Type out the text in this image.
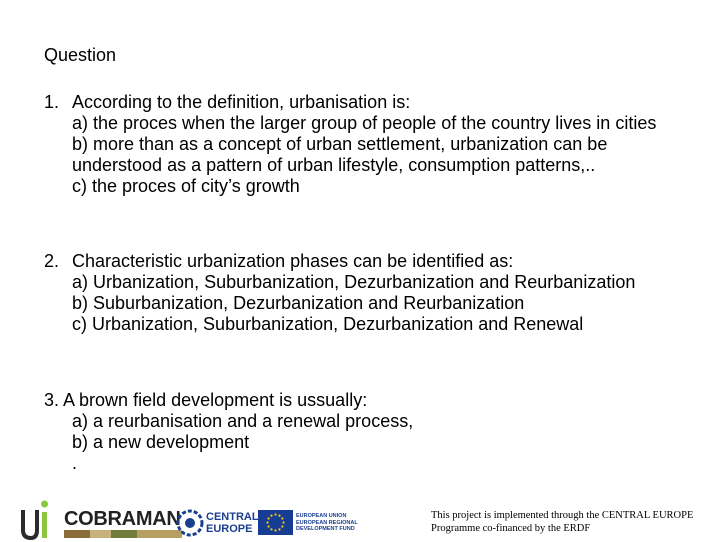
Question
1. According to the definition, urbanisation is:
a) the proces when the larger group of people of the country lives in cities
b) more than as a concept of urban settlement, urbanization can be understood as a pattern of urban lifestyle, consumption patterns,..
c) the proces of city’s growth
2. Characteristic urbanization phases can be identified as:
a) Urbanization, Suburbanization, Dezurbanization and Reurbanization
b) Suburbanization, Dezurbanization and Reurbanization
c) Urbanization, Suburbanization, Dezurbanization and Renewal
3. A brown field development is ussually:
a) a reurbanisation and a renewal process,
b) a new development
.
COBRAMAN CENTRAL EUROPE
EUROPEAN UNION EUROPEAN REGIONAL DEVELOPMENT FUND
This project is implemented through the CENTRAL EUROPE Programme co-financed by the ERDF
